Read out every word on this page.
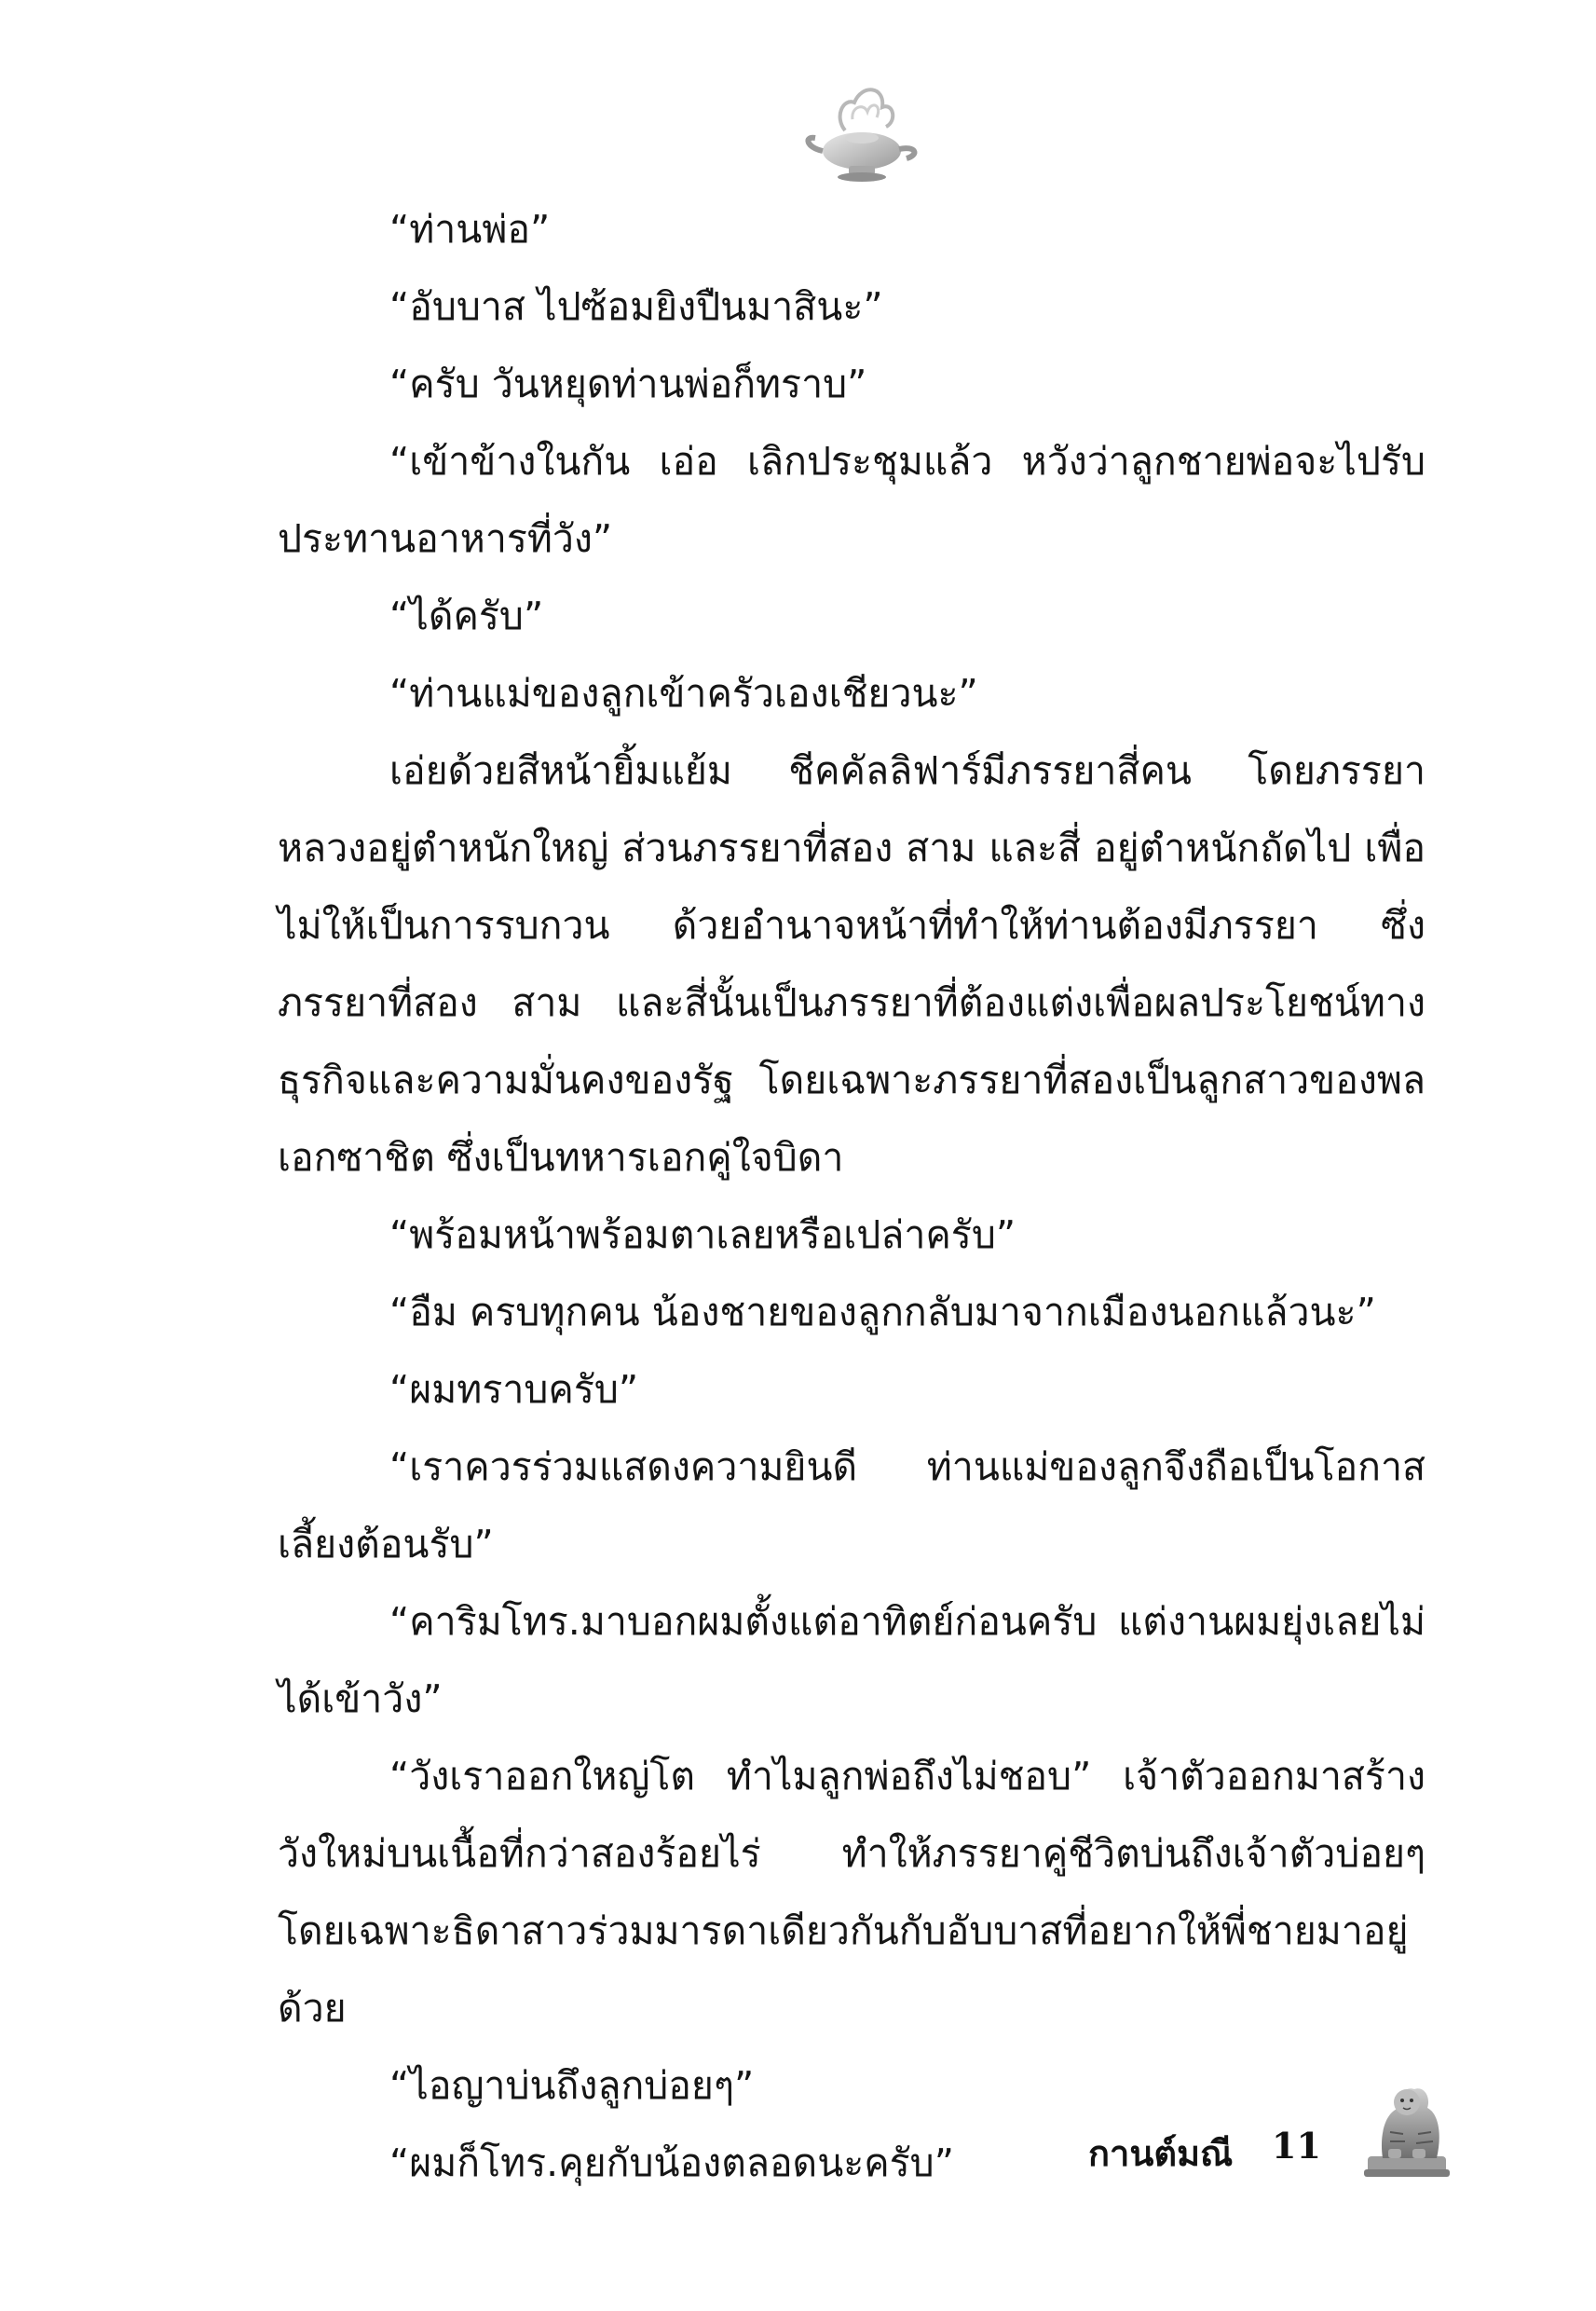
“ท่านพ่อ”

“อับบาส ไปซ้อมยิงปืนมาสินะ”

“ครับ วันหยุดท่านพ่อก็ทราบ”

“เข้าข้างในกัน เอ่อ เลิกประชุมแล้ว หวังว่าลูกชายพ่อจะไปรับประทานอาหารที่วัง”

“ได้ครับ”

“ท่านแม่ของลูกเข้าครัวเองเชียวนะ”

เอ่ยด้วยสีหน้ายิ้มแย้ม ชีคคัลลิฟาร์มีภรรยาสี่คน โดยภรรยาหลวงอยู่ตำหนักใหญ่ ส่วนภรรยาที่สอง สาม และสี่ อยู่ตำหนักถัดไป เพื่อไม่ให้เป็นการรบกวน ด้วยอำนาจหน้าที่ทำให้ท่านต้องมีภรรยา ซึ่งภรรยาที่สอง สาม และสี่นั้นเป็นภรรยาที่ต้องแต่งเพื่อผลประโยชน์ทางธุรกิจและความมั่นคงของรัฐ โดยเฉพาะภรรยาที่สองเป็นลูกสาวของพลเอกซาชิต ซึ่งเป็นทหารเอกคู่ใจบิดา

“พร้อมหน้าพร้อมตาเลยหรือเปล่าครับ”

“อืม ครบทุกคน น้องชายของลูกกลับมาจากเมืองนอกแล้วนะ”

“ผมทราบครับ”

“เราควรร่วมแสดงความยินดี ท่านแม่ของลูกจึงถือเป็นโอกาสเลี้ยงต้อนรับ”

“คาริมโทร.มาบอกผมตั้งแต่อาทิตย์ก่อนครับ แต่งานผมยุ่งเลยไม่ได้เข้าวัง”

“วังเราออกใหญ่โต ทำไมลูกพ่อถึงไม่ชอบ” เจ้าตัวออกมาสร้างวังใหม่บนเนื้อที่กว่าสองร้อยไร่ ทำให้ภรรยาคู่ชีวิตบ่นถึงเจ้าตัวบ่อยๆ โดยเฉพาะธิดาสาวร่วมมารดาเดียวกันกับอับบาสที่อยากให้พี่ชายมาอยู่ด้วย

“ไอญาบ่นถึงลูกบ่อยๆ”

“ผมก็โทร.คุยกับน้องตลอดนะครับ”	กานต์มณี 11
